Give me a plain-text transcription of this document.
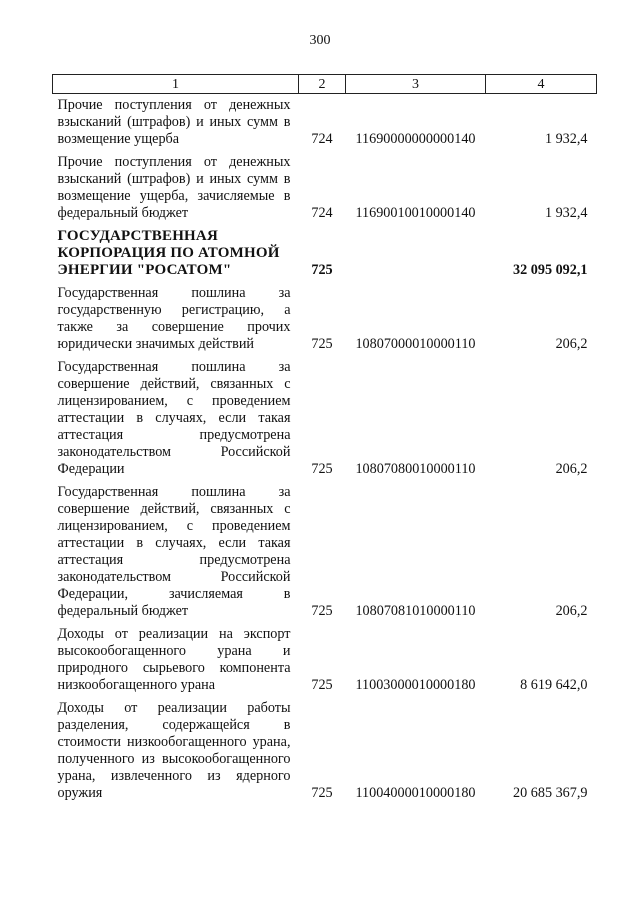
300
1	2	3	4
Прочие поступления от денежных взысканий (штрафов) и иных сумм в возмещение ущерба	724	11690000000000140	1 932,4
Прочие поступления от денежных взысканий (штрафов) и иных сумм в возмещение ущерба, зачисляемые в федеральный бюджет	724	11690010010000140	1 932,4
ГОСУДАРСТВЕННАЯ КОРПОРАЦИЯ ПО АТОМНОЙ ЭНЕРГИИ "РОСАТОМ"	725		32 095 092,1
Государственная пошлина за государственную регистрацию, а также за совершение прочих юридически значимых действий	725	10807000010000110	206,2
Государственная пошлина за совершение действий, связанных с лицензированием, с проведением аттестации в случаях, если такая аттестация предусмотрена законодательством Российской Федерации	725	10807080010000110	206,2
Государственная пошлина за совершение действий, связанных с лицензированием, с проведением аттестации в случаях, если такая аттестация предусмотрена законодательством Российской Федерации, зачисляемая в федеральный бюджет	725	10807081010000110	206,2
Доходы от реализации на экспорт высокообогащенного урана и природного сырьевого компонента низкообогащенного урана	725	11003000010000180	8 619 642,0
Доходы от реализации работы разделения, содержащейся в стоимости низкообогащенного урана, полученного из высокообогащенного урана, извлеченного из ядерного оружия	725	11004000010000180	20 685 367,9
